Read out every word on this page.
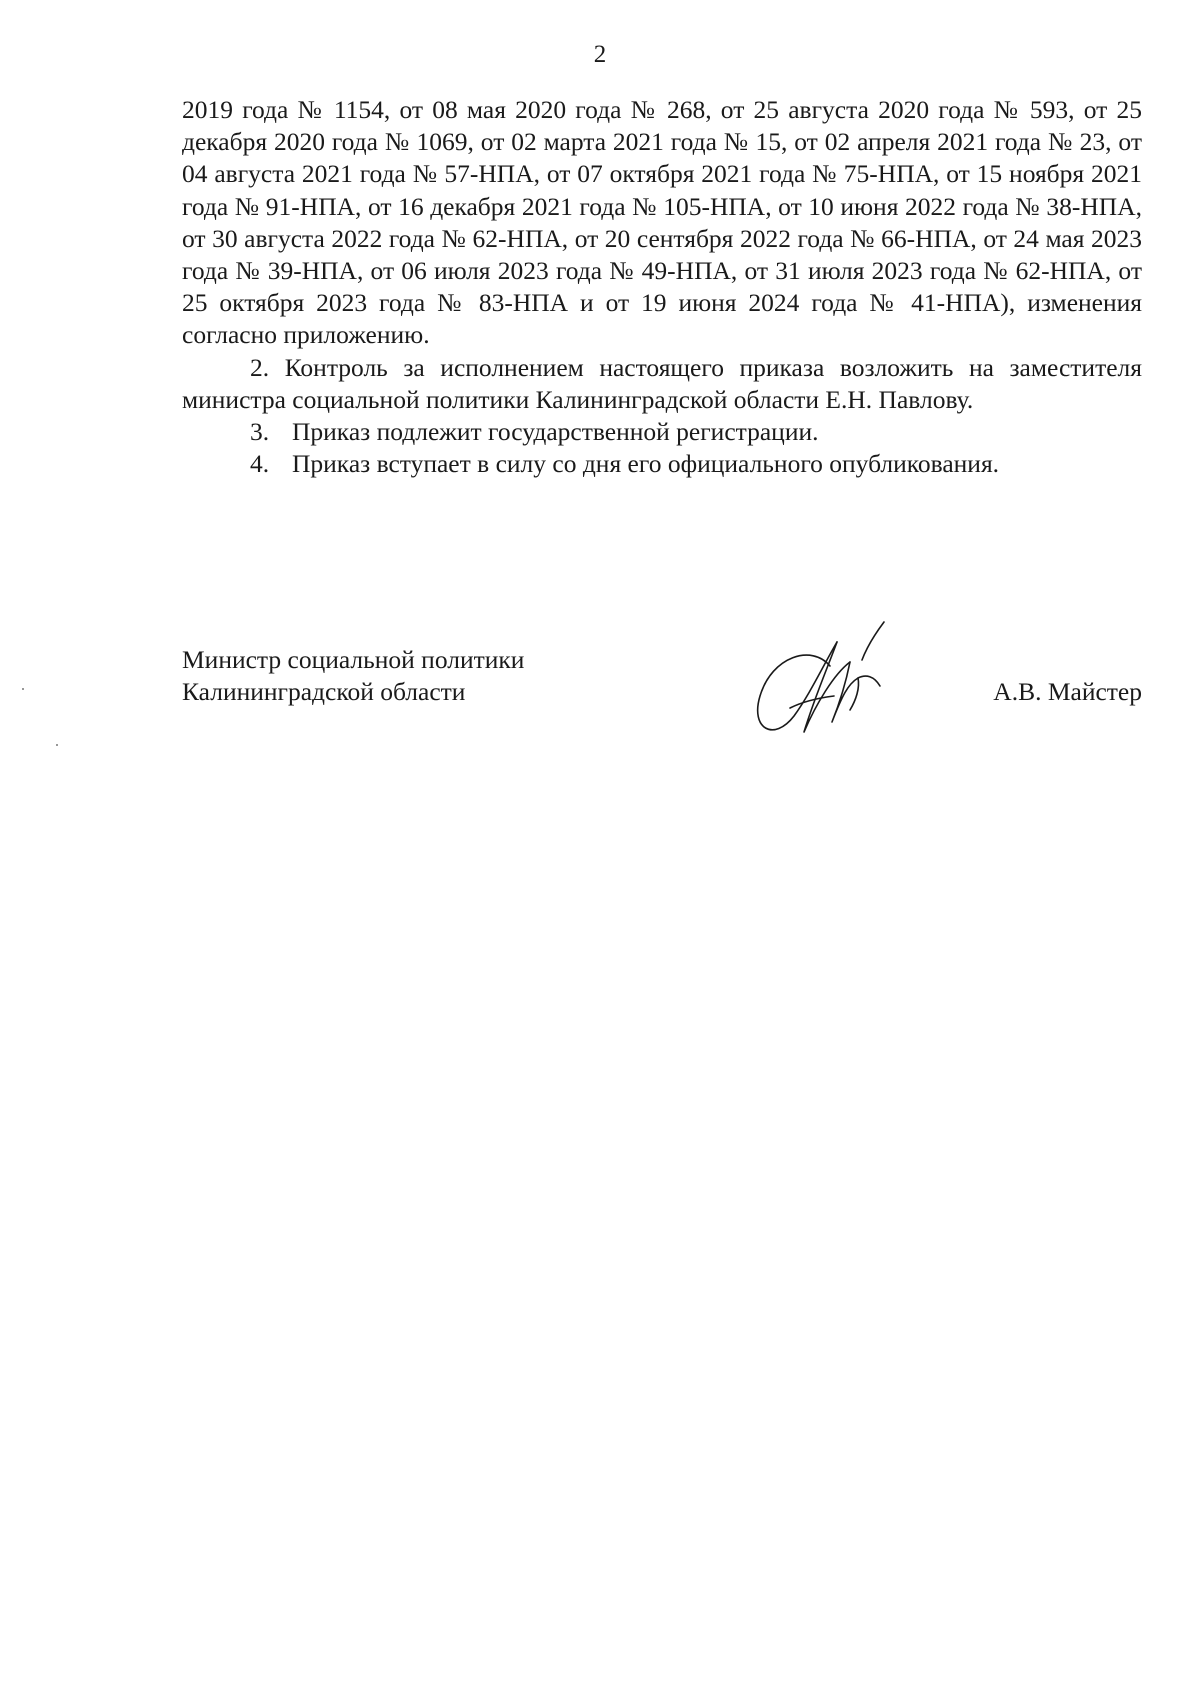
2

2019 года № 1154, от 08 мая 2020 года № 268, от 25 августа 2020 года № 593, от 25 декабря 2020 года № 1069, от 02 марта 2021 года № 15, от 02 апреля 2021 года № 23, от 04 августа 2021 года № 57-НПА, от 07 октября 2021 года № 75-НПА, от 15 ноября 2021 года № 91-НПА, от 16 декабря 2021 года № 105-НПА, от 10 июня 2022 года № 38-НПА, от 30 августа 2022 года № 62-НПА, от 20 сентября 2022 года № 66-НПА, от 24 мая 2023 года № 39-НПА, от 06 июля 2023 года № 49-НПА, от 31 июля 2023 года № 62-НПА, от 25 октября 2023 года № 83-НПА и от 19 июня 2024 года № 41-НПА), изменения согласно приложению.

2. Контроль за исполнением настоящего приказа возложить на заместителя министра социальной политики Калининградской области Е.Н. Павлову.

3. Приказ подлежит государственной регистрации.
4. Приказ вступает в силу со дня его официального опубликования.
Министр социальной политики
Калининградской области	А.В. Майстер
